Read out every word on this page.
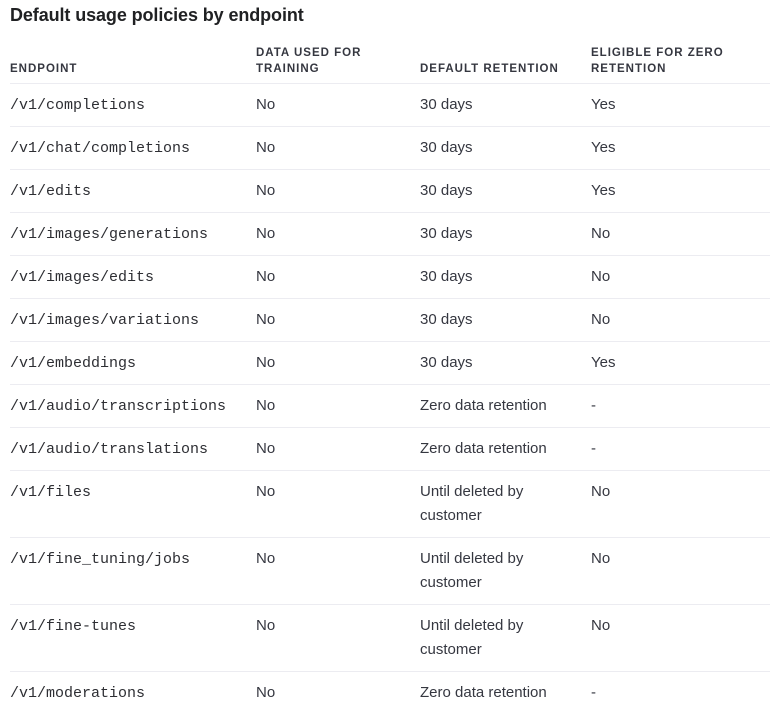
Default usage policies by endpoint
ENDPOINT	DATA USED FOR TRAINING	DEFAULT RETENTION	ELIGIBLE FOR ZERO RETENTION

/v1/completions	No	30 days	Yes

/v1/chat/completions	No	30 days	Yes

/v1/edits	No	30 days	Yes

/v1/images/generations	No	30 days	No

/v1/images/edits	No	30 days	No

/v1/images/variations	No	30 days	No

/v1/embeddings	No	30 days	Yes

/v1/audio/transcriptions	No	Zero data retention	-

/v1/audio/translations	No	Zero data retention	-

/v1/files	No	Until deleted by customer	No

/v1/fine_tuning/jobs	No	Until deleted by customer	No

/v1/fine-tunes	No	Until deleted by customer	No

/v1/moderations	No	Zero data retention	-
